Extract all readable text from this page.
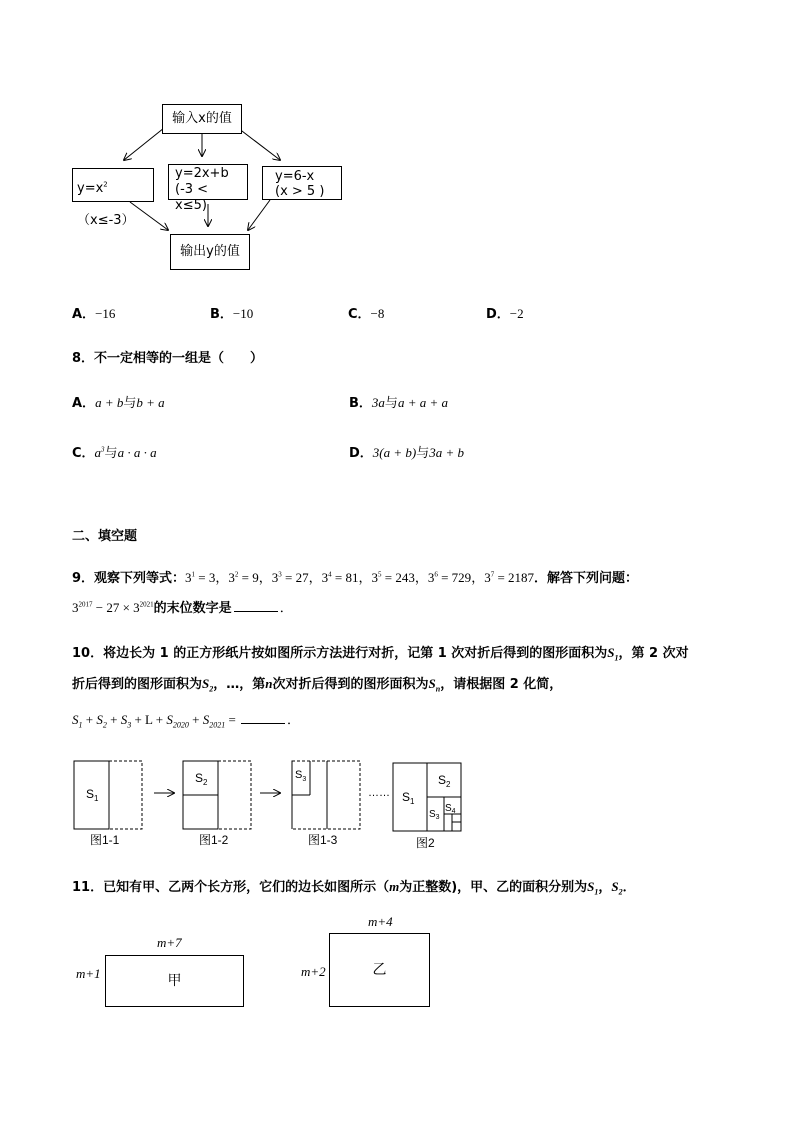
输入x的值
$y=x^2(x\le-3)$
y=2x+b
(-3 < x≤5)
y=6-x
(x > 5 )
输出y的值
A．−16	B．−10	C．−8	D．−2
8．不一定相等的一组是（　　）
A．a + b与b + a	B．3a与a + a + a
C．$a^3$与a · a · a	D．3(a + b)与3a + b
二、填空题
9．观察下列等式：$3^1 = 3$，$3^2 = 9$，$3^3 = 27$，$3^4 = 81$，$3^5 = 243$，$3^6 = 729$，$3^7 = 2187$．解答下列问题：
$3^{2017} - 27 \times 3^{2021}$的末位数字是	．
10．将边长为 1 的正方形纸片按如图所示方法进行对折，记第 1 次对折后得到的图形面积为$S_1$，第 2 次对
折后得到的图形面积为$S_2$，…，第n次对折后得到的图形面积为$S_n$，请根据图 2 化简，
$S_1 + S_2 + S_3 + L + S_{2020} + S_{2021}$ =	．
$S_1$
图1-1
$S_2$
图1-2
$S_3$
图1-3
…… $S_1$
$S_2$
$S_3$
$S_4$
图2
11．已知有甲、乙两个长方形，它们的边长如图所示（m为正整数)，甲、乙的面积分别为$S_1$，$S_2$．
m+7
m+1	甲
m+4
m+2	乙
